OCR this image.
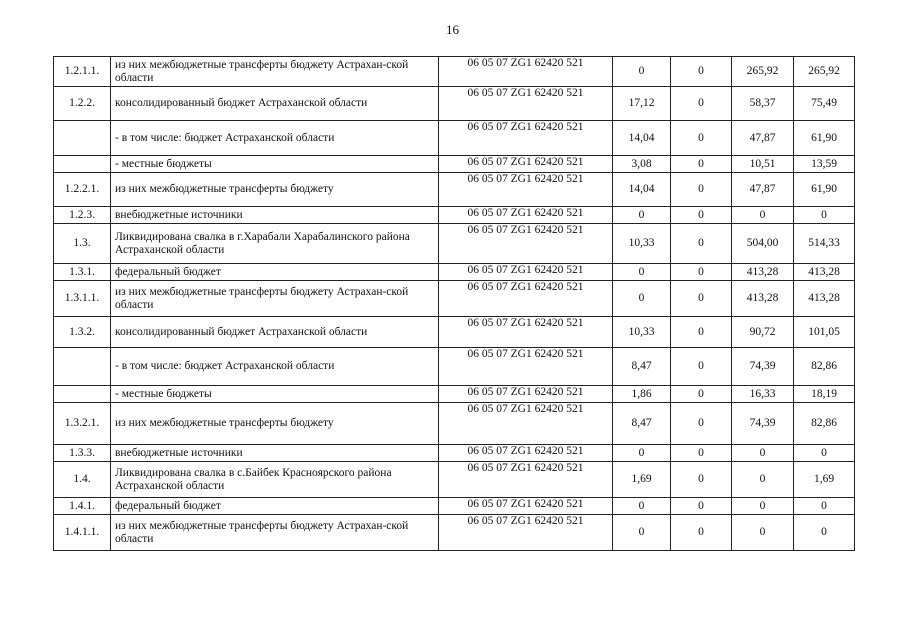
16
1.2.1.1.	из них межбюджетные трансферты бюджету Астрахан-ской области	06 05 07 ZG1 62420 521	0	0	265,92	265,92
1.2.2.	консолидированный бюджет Астраханской области	06 05 07 ZG1 62420 521	17,12	0	58,37	75,49
	- в том числе: бюджет Астраханской области	06 05 07 ZG1 62420 521	14,04	0	47,87	61,90
	- местные бюджеты	06 05 07 ZG1 62420 521	3,08	0	10,51	13,59
1.2.2.1.	из них межбюджетные трансферты бюджету	06 05 07 ZG1 62420 521	14,04	0	47,87	61,90
1.2.3.	внебюджетные источники	06 05 07 ZG1 62420 521	0	0	0	0
1.3.	Ликвидирована свалка в г.Харабали Харабалинского района Астраханской области	06 05 07 ZG1 62420 521	10,33	0	504,00	514,33
1.3.1.	федеральный бюджет	06 05 07 ZG1 62420 521	0	0	413,28	413,28
1.3.1.1.	из них межбюджетные трансферты бюджету Астрахан-ской области	06 05 07 ZG1 62420 521	0	0	413,28	413,28
1.3.2.	консолидированный бюджет Астраханской области	06 05 07 ZG1 62420 521	10,33	0	90,72	101,05
	- в том числе: бюджет Астраханской области	06 05 07 ZG1 62420 521	8,47	0	74,39	82,86
	- местные бюджеты	06 05 07 ZG1 62420 521	1,86	0	16,33	18,19
1.3.2.1.	из них межбюджетные трансферты бюджету	06 05 07 ZG1 62420 521	8,47	0	74,39	82,86
1.3.3.	внебюджетные источники	06 05 07 ZG1 62420 521	0	0	0	0
1.4.	Ликвидирована свалка в с.Байбек Красноярского района Астраханской области	06 05 07 ZG1 62420 521	1,69	0	0	1,69
1.4.1.	федеральный бюджет	06 05 07 ZG1 62420 521	0	0	0	0
1.4.1.1.	из них межбюджетные трансферты бюджету Астрахан-ской области	06 05 07 ZG1 62420 521	0	0	0	0
